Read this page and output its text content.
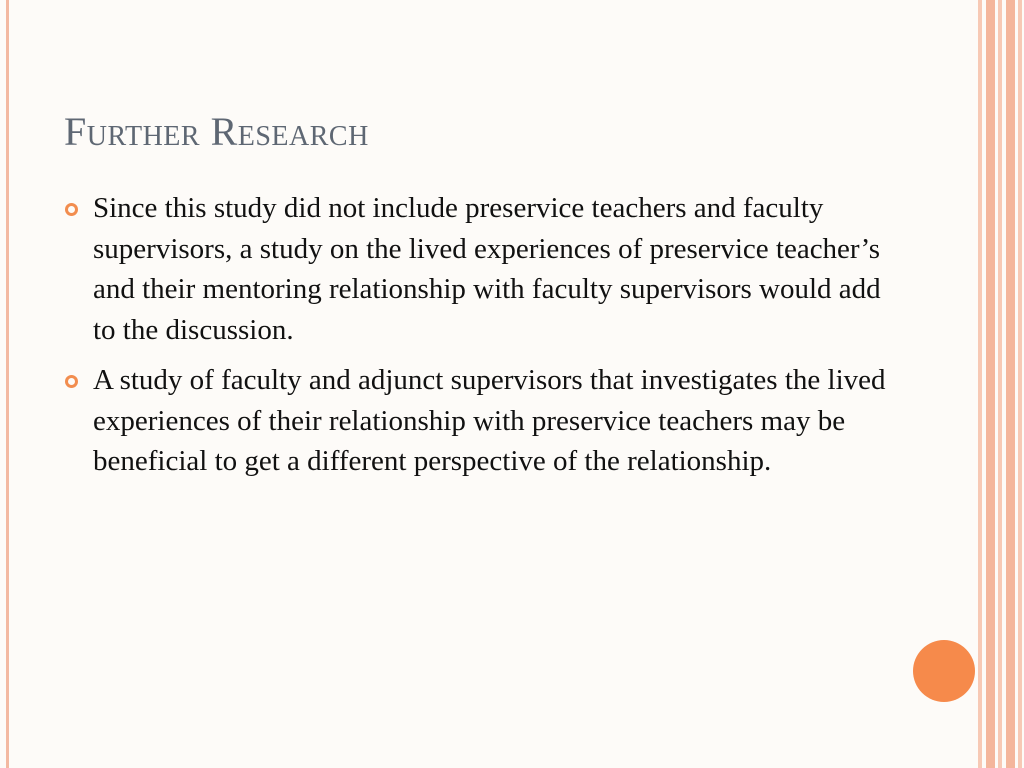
Further Research
Since this study did not include preservice teachers and faculty supervisors, a study on the lived experiences of preservice teacher’s and their mentoring relationship with faculty supervisors would add to the discussion.
A study of faculty and adjunct supervisors that investigates the lived experiences of their relationship with preservice teachers may be beneficial to get a different perspective of the relationship.
